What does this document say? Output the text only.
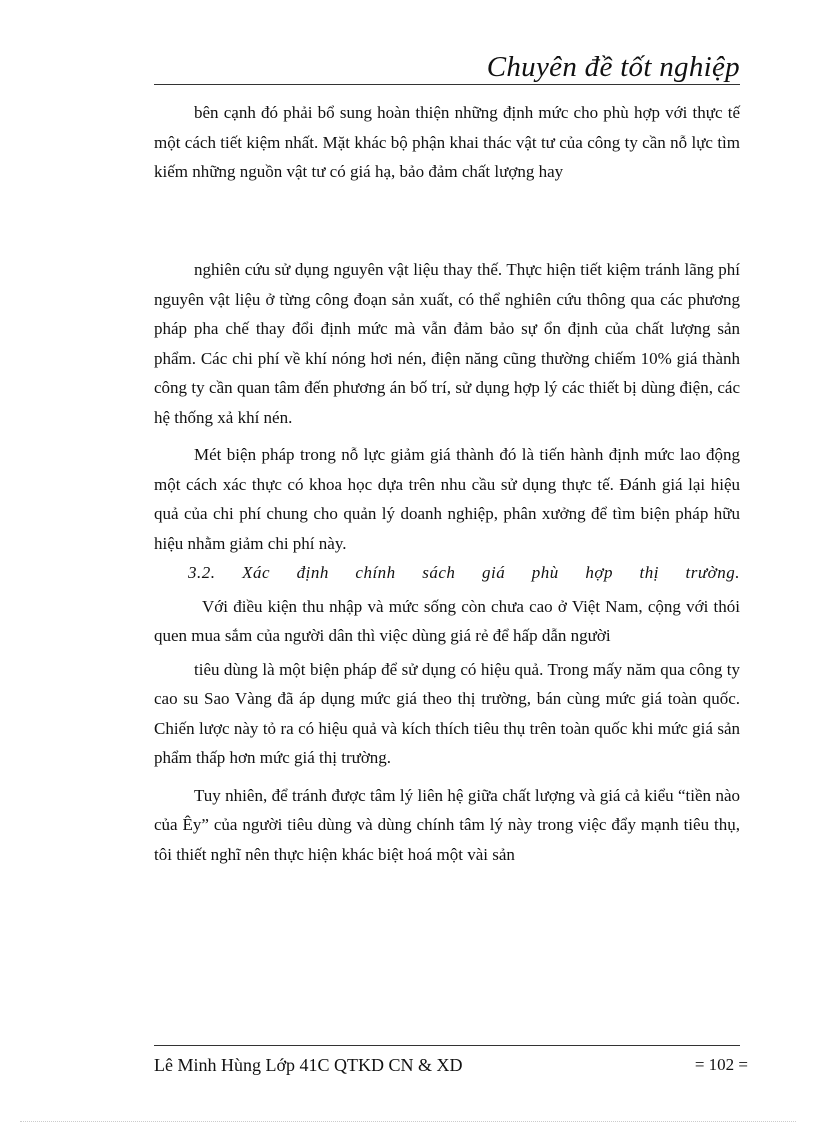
Chuyên đề tốt nghiệp

bên cạnh đó phải bổ sung hoàn thiện những định mức cho phù hợp với thực tế một cách tiết kiệm nhất. Mặt khác bộ phận khai thác vật tư của công ty cần nỗ lực tìm kiếm những nguồn vật tư có giá hạ, bảo đảm chất lượng hay

nghiên cứu sử dụng nguyên vật liệu thay thế. Thực hiện tiết kiệm tránh lãng phí nguyên vật liệu ở từng công đoạn sản xuất, có thể nghiên cứu thông qua các phương pháp pha chế thay đổi định mức mà vẫn đảm bảo sự ổn định của chất lượng sản phẩm. Các chi phí về khí nóng hơi nén, điện năng cũng thường chiếm 10% giá thành công ty cần quan tâm đến phương án bố trí, sử dụng hợp lý các thiết bị dùng điện, các hệ thống xả khí nén.

Mét biện pháp trong nỗ lực giảm giá thành đó là tiến hành định mức lao động một cách xác thực có khoa học dựa trên nhu cầu sử dụng thực tế. Đánh giá lại hiệu quả của chi phí chung cho quản lý doanh nghiệp, phân xưởng để tìm biện pháp hữu hiệu nhằm giảm chi phí này.

3.2. Xác định chính sách giá phù hợp thị trường.

Với điều kiện thu nhập và mức sống còn chưa cao ở Việt Nam, cộng với thói quen mua sắm của người dân thì việc dùng giá rẻ để hấp dẫn người

tiêu dùng là một biện pháp để sử dụng có hiệu quả. Trong mấy năm qua công ty cao su Sao Vàng đã áp dụng mức giá theo thị trường, bán cùng mức giá toàn quốc. Chiến lược này tỏ ra có hiệu quả và kích thích tiêu thụ trên toàn quốc khi mức giá sản phẩm thấp hơn mức giá thị trường.

Tuy nhiên, để tránh được tâm lý liên hệ giữa chất lượng và giá cả kiểu “tiền nào của Êy” của người tiêu dùng và dùng chính tâm lý này trong việc đẩy mạnh tiêu thụ, tôi thiết nghĩ nên thực hiện khác biệt hoá một vài sản

Lê Minh Hùng Lớp 41C QTKD CN & XD	= 102 =
